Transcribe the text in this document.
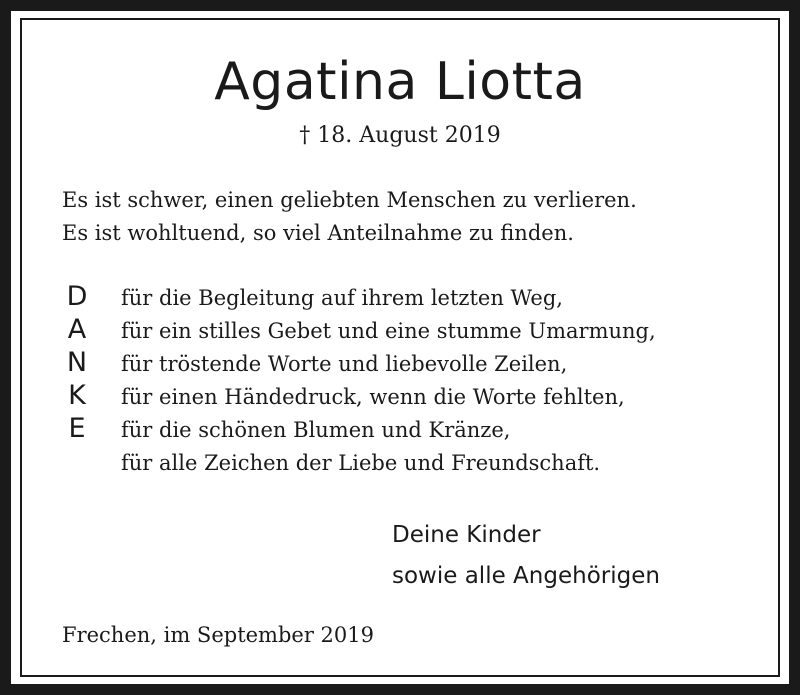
Agatina Liotta
† 18. August 2019
Es ist schwer, einen geliebten Menschen zu verlieren.
Es ist wohltuend, so viel Anteilnahme zu finden.
D
A
N
K
E
für die Begleitung auf ihrem letzten Weg,
für ein stilles Gebet und eine stumme Umarmung,
für tröstende Worte und liebevolle Zeilen,
für einen Händedruck, wenn die Worte fehlten,
für die schönen Blumen und Kränze,
für alle Zeichen der Liebe und Freundschaft.
Deine Kinder
sowie alle Angehörigen
Frechen, im September 2019
